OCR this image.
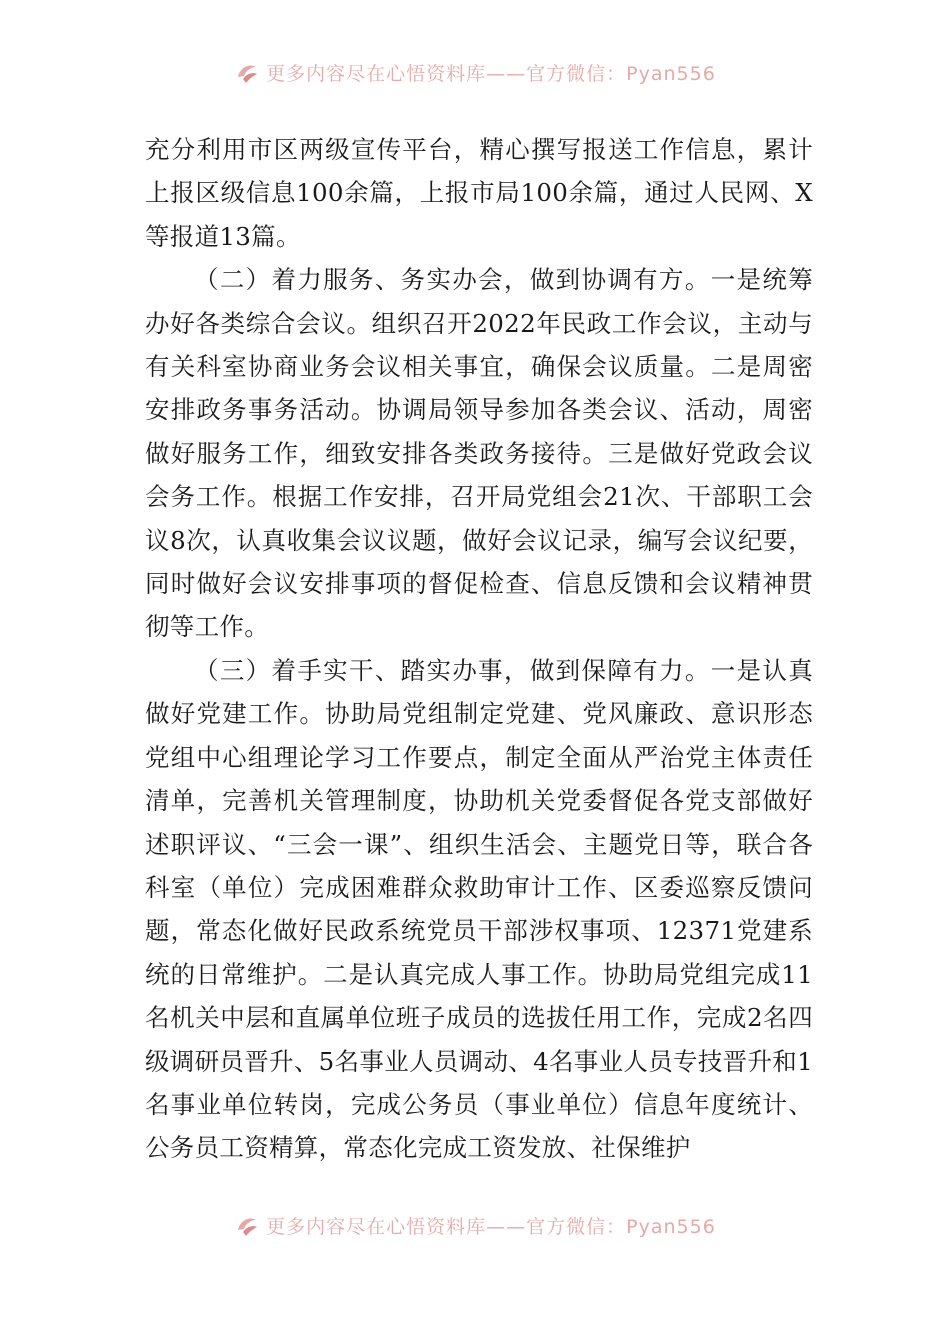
更多内容尽在心悟资料库——官方微信：Pyan556

充分利用市区两级宣传平台，精心撰写报送工作信息，累计上报区级信息100余篇，上报市局100余篇，通过人民网、X等报道13篇。

（二）着力服务、务实办会，做到协调有方。一是统筹办好各类综合会议。组织召开2022年民政工作会议，主动与有关科室协商业务会议相关事宜，确保会议质量。二是周密安排政务事务活动。协调局领导参加各类会议、活动，周密做好服务工作，细致安排各类政务接待。三是做好党政会议会务工作。根据工作安排，召开局党组会21次、干部职工会议8次，认真收集会议议题，做好会议记录，编写会议纪要，同时做好会议安排事项的督促检查、信息反馈和会议精神贯彻等工作。

（三）着手实干、踏实办事，做到保障有力。一是认真做好党建工作。协助局党组制定党建、党风廉政、意识形态党组中心组理论学习工作要点，制定全面从严治党主体责任清单，完善机关管理制度，协助机关党委督促各党支部做好述职评议、“三会一课”、组织生活会、主题党日等，联合各科室（单位）完成困难群众救助审计工作、区委巡察反馈问题，常态化做好民政系统党员干部涉权事项、12371党建系统的日常维护。二是认真完成人事工作。协助局党组完成11名机关中层和直属单位班子成员的选拔任用工作，完成2名四级调研员晋升、5名事业人员调动、4名事业人员专技晋升和1名事业单位转岗，完成公务员（事业单位）信息年度统计、公务员工资精算，常态化完成工资发放、社保维护

更多内容尽在心悟资料库——官方微信：Pyan556
